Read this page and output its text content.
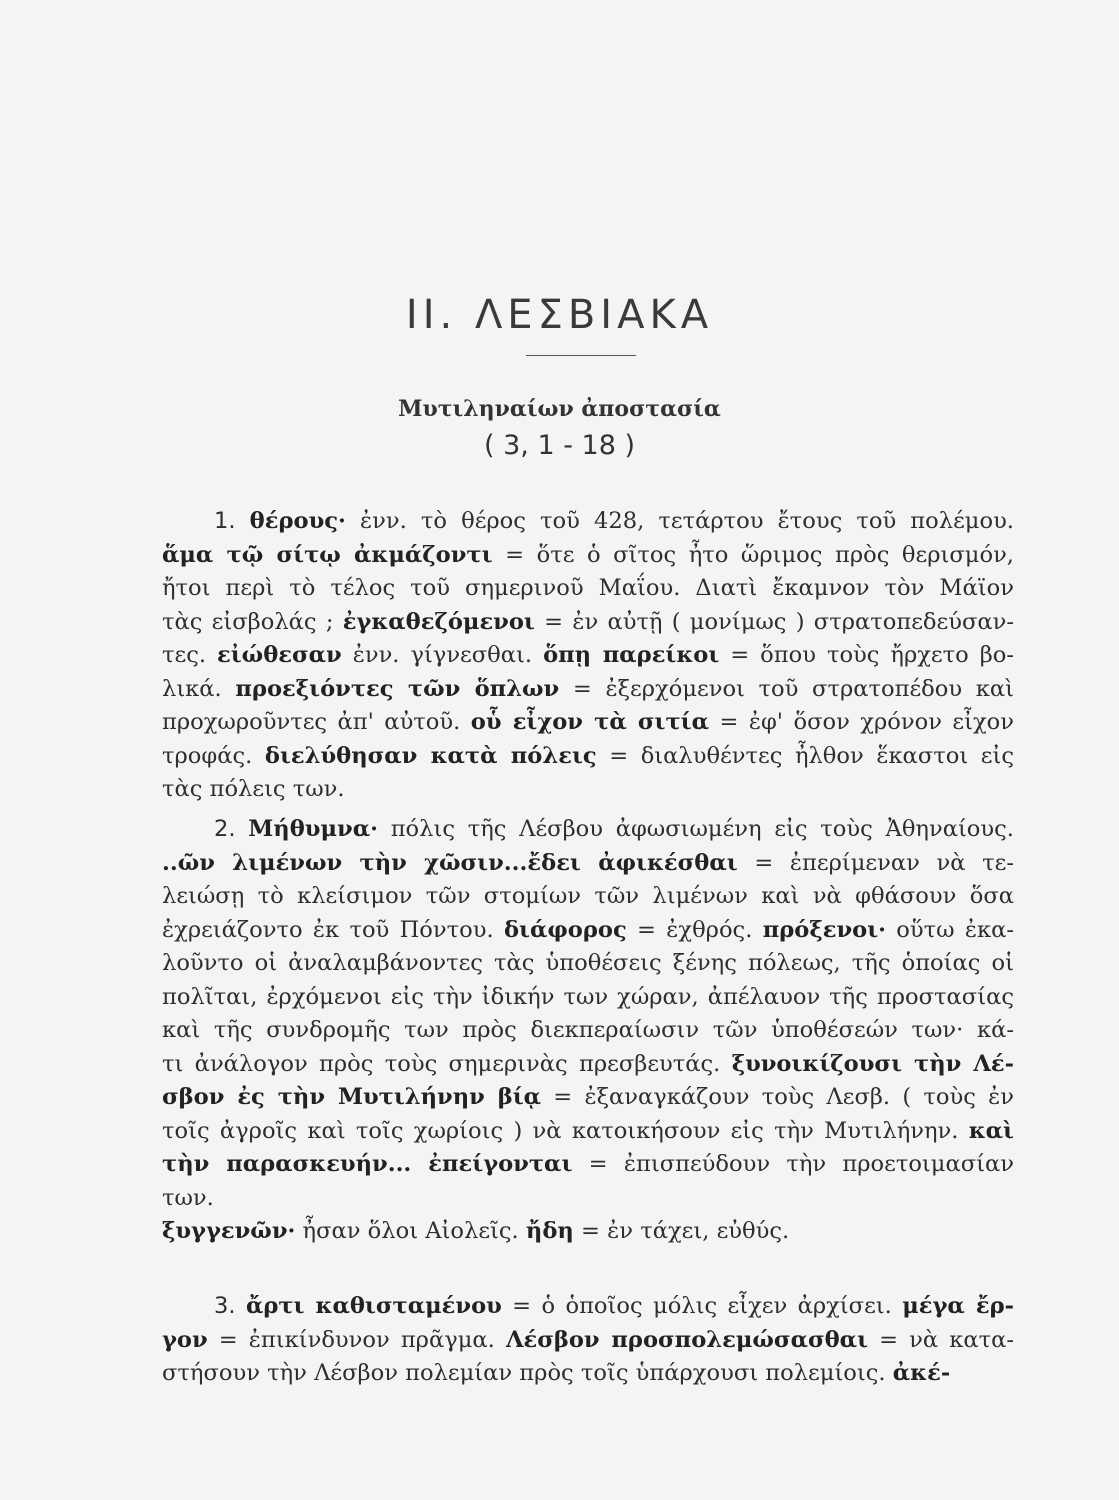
II. ΛΕΣΒΙΑΚΑ
Μυτιληναίων ἀποστασία
( 3, 1 - 18 )
1. θέρους· ἐνν. τὸ θέρος τοῦ 428, τετάρτου ἔτους τοῦ πολέμου.
ἅμα τῷ σίτῳ ἀκμάζοντι = ὅτε ὁ σῖτος ἦτο ὥριμος πρὸς θερισμόν,
ἤτοι περὶ τὸ τέλος τοῦ σημερινοῦ Μαΐου. Διατὶ ἔκαμνον τὸν Μάϊον
τὰς εἰσβολάς ; ἐγκαθεζόμενοι = ἐν αὐτῇ ( μονίμως ) στρατοπεδεύσαν-
τες. εἰώθεσαν ἐνν. γίγνεσθαι. ὅπῃ παρείκοι = ὅπου τοὺς ἤρχετο βο-
λικά. προεξιόντες τῶν ὅπλων = ἐξερχόμενοι τοῦ στρατοπέδου καὶ
προχωροῦντες ἀπ' αὐτοῦ. οὗ εἶχον τὰ σιτία = ἐφ' ὅσον χρόνον εἶχον
τροφάς. διελύθησαν κατὰ πόλεις = διαλυθέντες ἦλθον ἕκαστοι εἰς
τὰς πόλεις των.
2. Μήθυμνα· πόλις τῆς Λέσβου ἀφωσιωμένη εἰς τοὺς Ἀθηναίους.
..ῶν λιμένων τὴν χῶσιν...ἔδει ἀφικέσθαι = ἐπερίμεναν νὰ τε-
λειώσῃ τὸ κλείσιμον τῶν στομίων τῶν λιμένων καὶ νὰ φθάσουν ὅσα
ἐχρειάζοντο ἐκ τοῦ Πόντου. διάφορος = ἐχθρός. πρόξενοι· οὕτω ἐκα-
λοῦντο οἱ ἀναλαμβάνοντες τὰς ὑποθέσεις ξένης πόλεως, τῆς ὁποίας οἱ
πολῖται, ἐρχόμενοι εἰς τὴν ἰδικήν των χώραν, ἀπέλαυον τῆς προστασίας
καὶ τῆς συνδρομῆς των πρὸς διεκπεραίωσιν τῶν ὑποθέσεών των· κά-
τι ἀνάλογον πρὸς τοὺς σημερινὰς πρεσβευτάς. ξυνοικίζουσι τὴν Λέ-
σβον ἐς τὴν Μυτιλήνην βίᾳ = ἐξαναγκάζουν τοὺς Λεσβ. ( τοὺς ἐν
τοῖς ἀγροῖς καὶ τοῖς χωρίοις ) νὰ κατοικήσουν εἰς τὴν Μυτιλήνην. καὶ
τὴν παρασκευήν... ἐπείγονται = ἐπισπεύδουν τὴν προετοιμασίαν των.
ξυγγενῶν· ἦσαν ὅλοι Αἰολεῖς. ἤδη = ἐν τάχει, εὐθύς.
3. ἄρτι καθισταμένου = ὁ ὁποῖος μόλις εἶχεν ἀρχίσει. μέγα ἔρ-
γον = ἐπικίνδυνον πρᾶγμα. Λέσβον προσπολεμώσασθαι = νὰ κατα-
στήσουν τὴν Λέσβον πολεμίαν πρὸς τοῖς ὑπάρχουσι πολεμίοις. ἀκέ-
